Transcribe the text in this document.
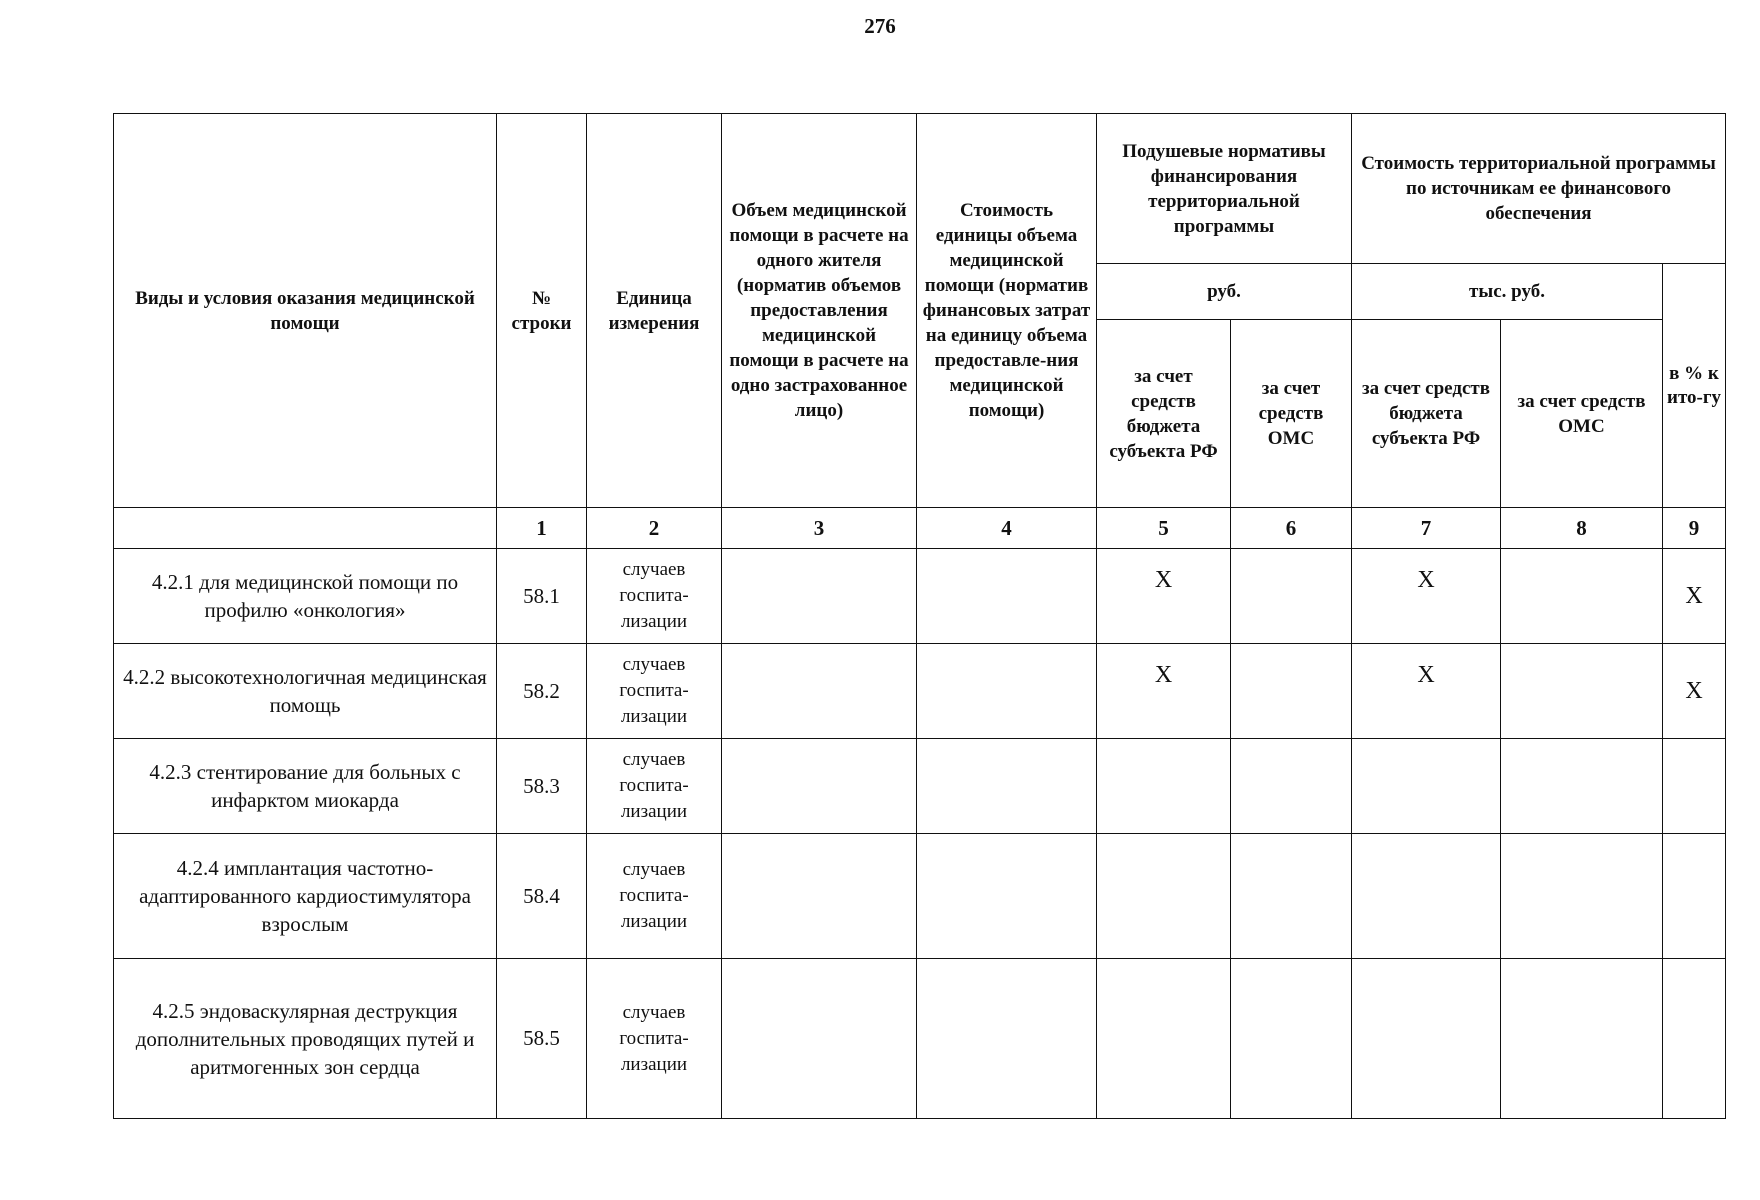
276
Виды и условия оказания медицинской помощи	№ строки	Единица измерения	Объем медицинской помощи в расчете на одного жителя (норматив объемов предоставления медицинской помощи в расчете на одно застрахованное лицо)	Стоимость единицы объема медицинской помощи (норматив финансовых затрат на единицу объема предоставле-ния медицинской помощи)	Подушевые нормативы финансирования территориальной программы		Стоимость территориальной программы по источникам ее финансового обеспечения		
					руб.		тыс. руб.		в % к ито-гу
					за счет средств бюджета субъекта РФ	за счет средств ОМС	за счет средств бюджета субъекта РФ	за счет средств ОМС	
	1	2	3	4	5	6	7	8	9
4.2.1 для медицинской помощи по профилю «онкология»	58.1	случаев госпита-лизации			X		X		X
4.2.2 высокотехнологичная медицинская помощь	58.2	случаев госпита-лизации			X		X		X
4.2.3 стентирование для больных с инфарктом миокарда	58.3	случаев госпита-лизации							
4.2.4 имплантация частотно-адаптированного кардиостимулятора взрослым	58.4	случаев госпита-лизации							
4.2.5 эндоваскулярная деструкция дополнительных проводящих путей и аритмогенных зон сердца	58.5	случаев госпита-лизации							
